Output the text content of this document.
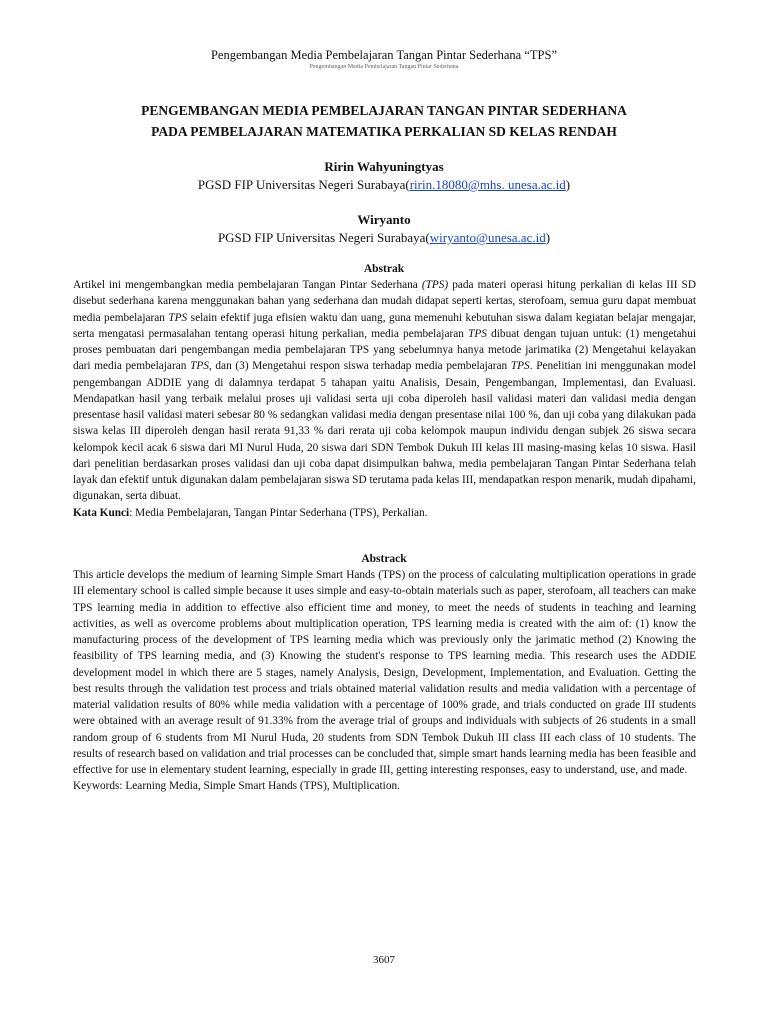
Pengembangan Media Pembelajaran Tangan Pintar Sederhana “TPS”
Pengembangan Media Pembelajaran Tangan Pintar Sederhana
PENGEMBANGAN MEDIA PEMBELAJARAN TANGAN PINTAR SEDERHANA
PADA PEMBELAJARAN MATEMATIKA PERKALIAN SD KELAS RENDAH
Ririn Wahyuningtyas
PGSD FIP Universitas Negeri Surabaya(ririn.18080@mhs. unesa.ac.id)
Wiryanto
PGSD FIP Universitas Negeri Surabaya(wiryanto@unesa.ac.id)
Abstrak

Artikel ini mengembangkan media pembelajaran Tangan Pintar Sederhana (TPS) pada materi operasi hitung perkalian di kelas III SD disebut sederhana karena menggunakan bahan yang sederhana dan mudah didapat seperti kertas, sterofoam, semua guru dapat membuat media pembelajaran TPS selain efektif juga efisien waktu dan uang, guna memenuhi kebutuhan siswa dalam kegiatan belajar mengajar, serta mengatasi permasalahan tentang operasi hitung perkalian, media pembelajaran TPS dibuat dengan tujuan untuk: (1) mengetahui proses pembuatan dari pengembangan media pembelajaran TPS yang sebelumnya hanya metode jarimatika (2) Mengetahui kelayakan dari media pembelajaran TPS, dan (3) Mengetahui respon siswa terhadap media pembelajaran TPS. Penelitian ini menggunakan model pengembangan ADDIE yang di dalamnya terdapat 5 tahapan yaitu Analisis, Desain, Pengembangan, Implementasi, dan Evaluasi. Mendapatkan hasil yang terbaik melalui proses uji validasi serta uji coba diperoleh hasil validasi materi dan validasi media dengan presentase hasil validasi materi sebesar 80 % sedangkan validasi media dengan presentase nilai 100 %, dan uji coba yang dilakukan pada siswa kelas III diperoleh dengan hasil rerata 91,33 % dari rerata uji coba kelompok maupun individu dengan subjek 26 siswa secara kelompok kecil acak 6 siswa dari MI Nurul Huda, 20 siswa dari SDN Tembok Dukuh III kelas III masing-masing kelas 10 siswa. Hasil dari penelitian berdasarkan proses validasi dan uji coba dapat disimpulkan bahwa, media pembelajaran Tangan Pintar Sederhana telah layak dan efektif untuk digunakan dalam pembelajaran siswa SD terutama pada kelas III, mendapatkan respon menarik, mudah dipahami, digunakan, serta dibuat.

Kata Kunci: Media Pembelajaran, Tangan Pintar Sederhana (TPS), Perkalian.

Abstrack

This article develops the medium of learning Simple Smart Hands (TPS) on the process of calculating multiplication operations in grade III elementary school is called simple because it uses simple and easy-to-obtain materials such as paper, sterofoam, all teachers can make TPS learning media in addition to effective also efficient time and money, to meet the needs of students in teaching and learning activities, as well as overcome problems about multiplication operation, TPS learning media is created with the aim of: (1) know the manufacturing process of the development of TPS learning media which was previously only the jarimatic method (2) Knowing the feasibility of TPS learning media, and (3) Knowing the student's response to TPS learning media. This research uses the ADDIE development model in which there are 5 stages, namely Analysis, Design, Development, Implementation, and Evaluation. Getting the best results through the validation test process and trials obtained material validation results and media validation with a percentage of material validation results of 80% while media validation with a percentage of 100% grade, and trials conducted on grade III students were obtained with an average result of 91.33% from the average trial of groups and individuals with subjects of 26 students in a small random group of 6 students from MI Nurul Huda, 20 students from SDN Tembok Dukuh III class III each class of 10 students. The results of research based on validation and trial processes can be concluded that, simple smart hands learning media has been feasible and effective for use in elementary student learning, especially in grade III, getting interesting responses, easy to understand, use, and made.

Keywords: Learning Media, Simple Smart Hands (TPS), Multiplication.

3607
